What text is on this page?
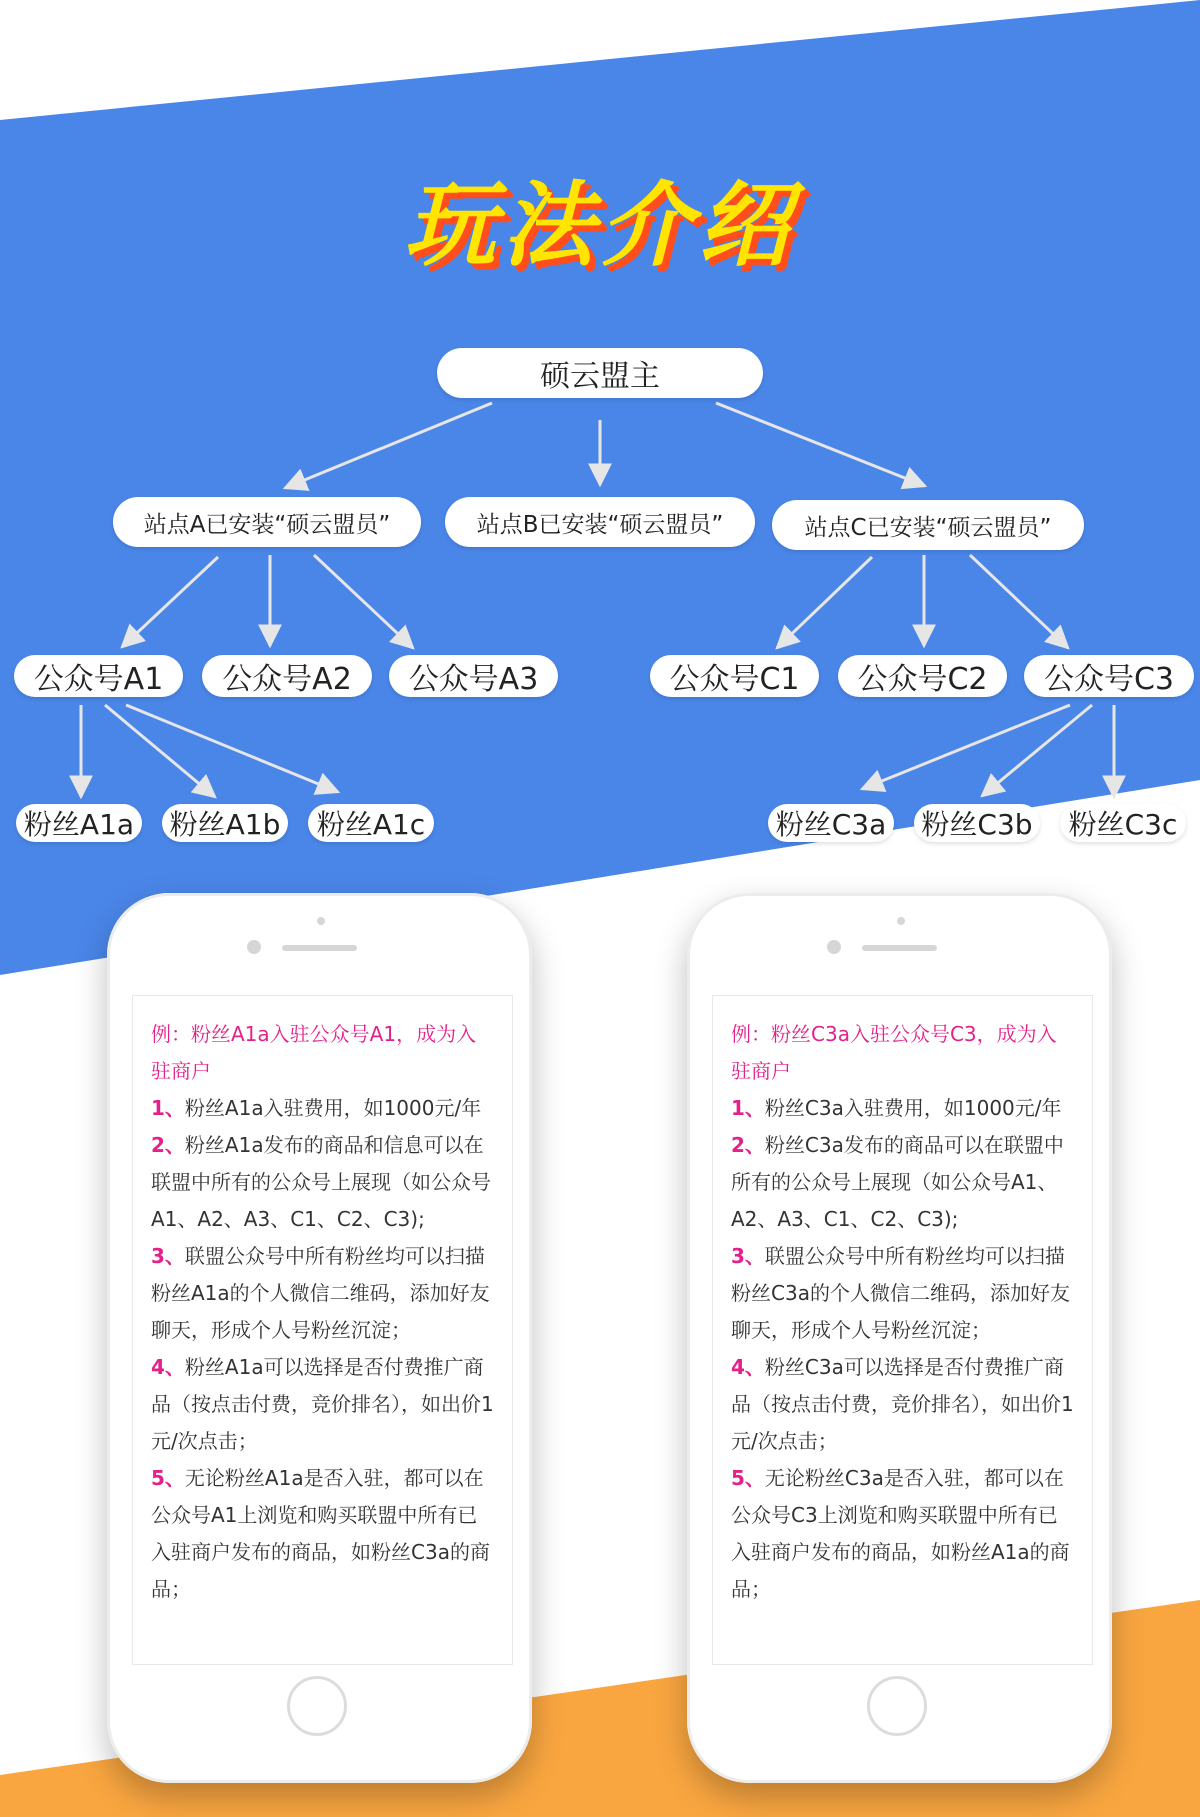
玩法介绍
硕云盟主
站点A已安装“硕云盟员”	站点B已安装“硕云盟员”	站点C已安装“硕云盟员”
公众号A1	公众号A2	公众号A3	公众号C1	公众号C2	公众号C3
粉丝A1a 粉丝A1b	粉丝A1c	粉丝C3a 粉丝C3b	粉丝C3c

例：粉丝A1a入驻公众号A1，成为入驻商户

1、粉丝A1a入驻费用，如1000元/年

2、粉丝A1a发布的商品和信息可以在联盟中所有的公众号上展现（如公众号A1、A2、A3、C1、C2、C3);

3、联盟公众号中所有粉丝均可以扫描粉丝A1a的个人微信二维码，添加好友聊天，形成个人号粉丝沉淀；

4、粉丝A1a可以选择是否付费推广商品（按点击付费，竞价排名），如出价1元/次点击；

5、无论粉丝A1a是否入驻，都可以在公众号A1上浏览和购买联盟中所有已入驻商户发布的商品，如粉丝C3a的商品；

例：粉丝C3a入驻公众号C3，成为入驻商户

1、粉丝C3a入驻费用，如1000元/年

2、粉丝C3a发布的商品可以在联盟中所有的公众号上展现（如公众号A1、A2、A3、C1、C2、C3);

3、联盟公众号中所有粉丝均可以扫描粉丝C3a的个人微信二维码，添加好友聊天，形成个人号粉丝沉淀；

4、粉丝C3a可以选择是否付费推广商品（按点击付费，竞价排名），如出价1元/次点击；

5、无论粉丝C3a是否入驻，都可以在公众号C3上浏览和购买联盟中所有已入驻商户发布的商品，如粉丝A1a的商品；
